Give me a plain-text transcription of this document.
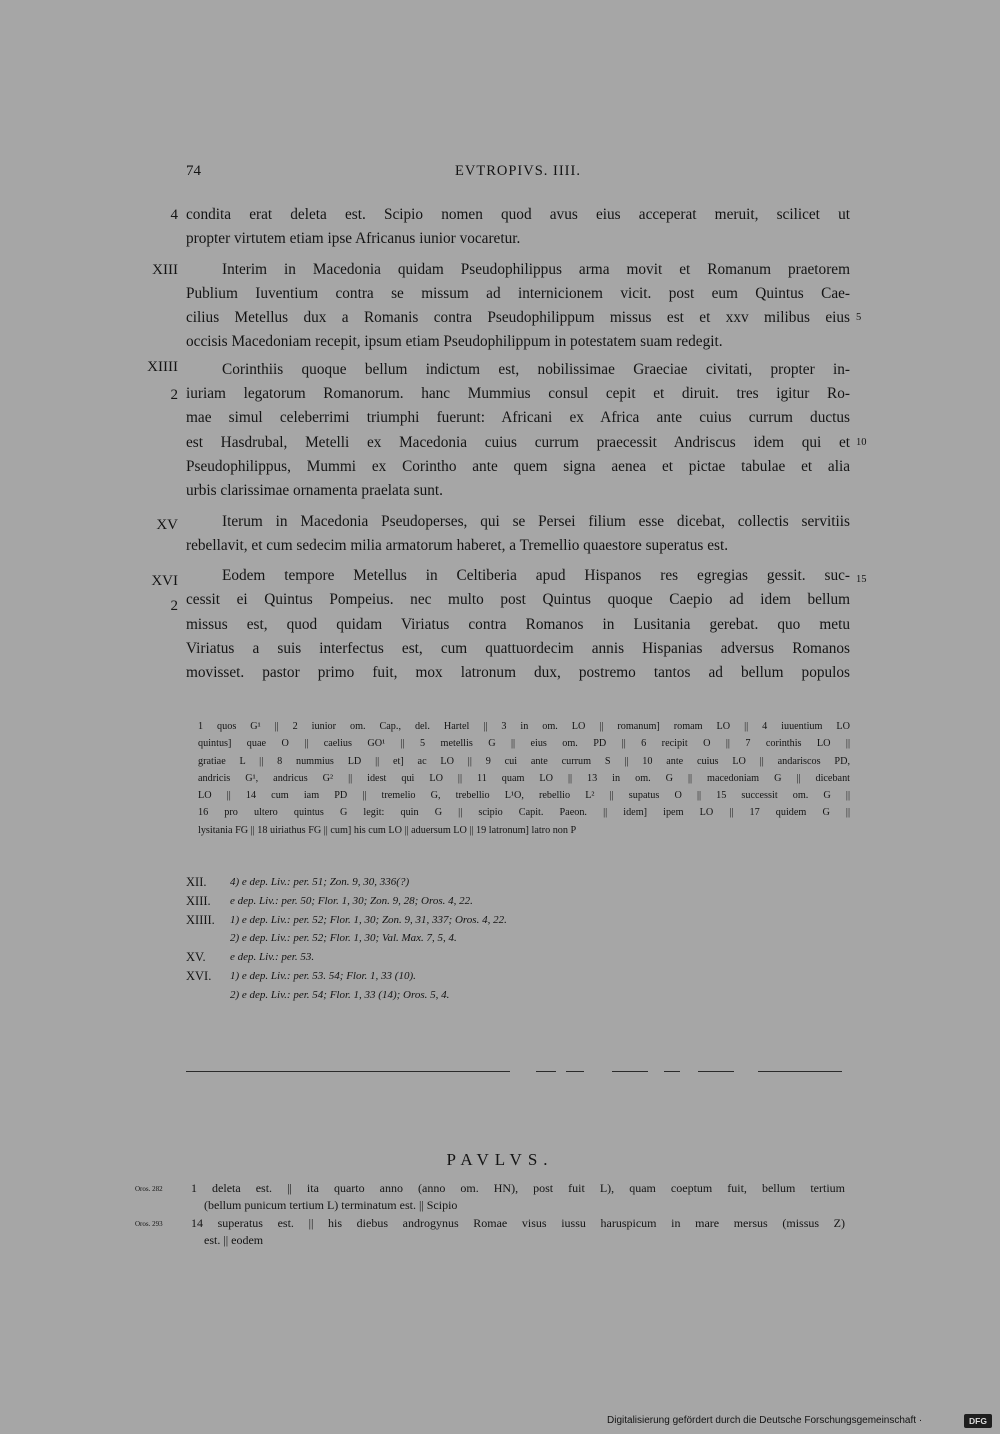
74	EVTROPIVS. IIII.
4
XIII
XIIII
2
XV
XVI
2
5
10
15
condita erat deleta est. Scipio nomen quod avus eius acceperat meruit, scilicet ut
propter virtutem etiam ipse Africanus iunior vocaretur.
Interim in Macedonia quidam Pseudophilippus arma movit et Romanum praetorem
Publium Iuventium contra se missum ad internicionem vicit. post eum Quintus Cae-
cilius Metellus dux a Romanis contra Pseudophilippum missus est et xxv milibus eius
occisis Macedoniam recepit, ipsum etiam Pseudophilippum in potestatem suam redegit.
Corinthiis quoque bellum indictum est, nobilissimae Graeciae civitati, propter in-
iuriam legatorum Romanorum. hanc Mummius consul cepit et diruit. tres igitur Ro-
mae simul celeberrimi triumphi fuerunt: Africani ex Africa ante cuius currum ductus
est Hasdrubal, Metelli ex Macedonia cuius currum praecessit Andriscus idem qui et
Pseudophilippus, Mummi ex Corintho ante quem signa aenea et pictae tabulae et alia
urbis clarissimae ornamenta praelata sunt.
Iterum in Macedonia Pseudoperses, qui se Persei filium esse dicebat, collectis servitiis
rebellavit, et cum sedecim milia armatorum haberet, a Tremellio quaestore superatus est.
Eodem tempore Metellus in Celtiberia apud Hispanos res egregias gessit. suc-
cessit ei Quintus Pompeius. nec multo post Quintus quoque Caepio ad idem bellum
missus est, quod quidam Viriatus contra Romanos in Lusitania gerebat. quo metu
Viriatus a suis interfectus est, cum quattuordecim annis Hispanias adversus Romanos
movisset. pastor primo fuit, mox latronum dux, postremo tantos ad bellum populos
1 quos G¹ || 2 iunior om. Cap., del. Hartel || 3 in om. LO || romanum] romam LO || 4 iuuentium LO
quintus] quae O || caelius GO¹ || 5 metellis G || eius om. PD || 6 recipit O || 7 corinthis LO ||
gratiae L || 8 nummius LD || et] ac LO || 9 cui ante currum S || 10 ante cuius LO || andariscos PD,
andricis G¹, andricus G² || idest qui LO || 11 quam LO || 13 in om. G || macedoniam G || dicebant
LO || 14 cum iam PD || tremelio G, trebellio L¹O, rebellio L² || supatus O || 15 successit om. G ||
16 pro ultero quintus G legit: quin G || scipio Capit. Paeon. || idem] ipem LO || 17 quidem G ||
lysitania FG || 18 uiriathus FG || cum] his cum LO || aduersum LO || 19 latronum] latro non P
XII.	4) e dep. Liv.: per. 51; Zon. 9, 30, 336(?)
XIII.	e dep. Liv.: per. 50; Flor. 1, 30; Zon. 9, 28; Oros. 4, 22.
XIIII.	1) e dep. Liv.: per. 52; Flor. 1, 30; Zon. 9, 31, 337; Oros. 4, 22.
2) e dep. Liv.: per. 52; Flor. 1, 30; Val. Max. 7, 5, 4.
XV.	e dep. Liv.: per. 53.
XVI.	1) e dep. Liv.: per. 53. 54; Flor. 1, 33 (10).
2) e dep. Liv.: per. 54; Flor. 1, 33 (14); Oros. 5, 4.
PAVLVS.
Oros. 282 1 deleta est. || ita quarto anno (anno om. HN), post fuit L), quam coeptum fuit, bellum tertium
(bellum punicum tertium L) terminatum est. || Scipio
Oros. 293 14 superatus est. || his diebus androgynus Romae visus iussu haruspicum in mare mersus (missus Z)
est. || eodem
Digitalisierung gefördert durch die Deutsche Forschungsgemeinschaft ·	DFG
